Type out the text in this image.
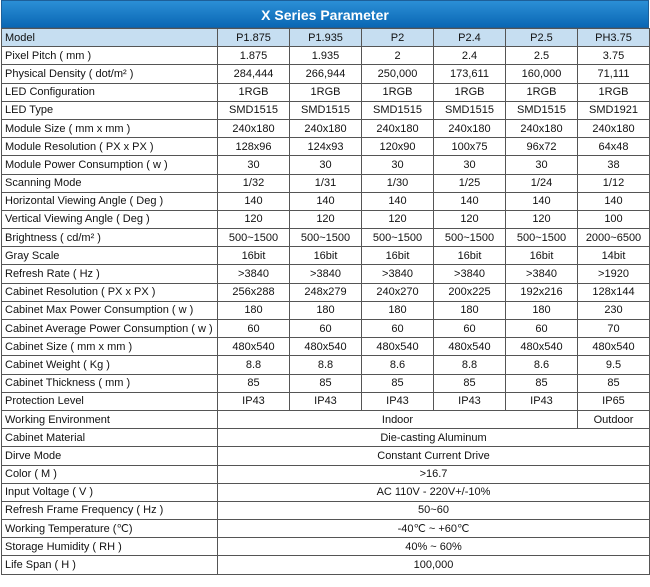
X Series Parameter
Model	P1.875	P1.935	P2	P2.4	P2.5	PH3.75
Pixel Pitch ( mm )	1.875	1.935	2	2.4	2.5	3.75
Physical Density ( dot/m² )	284,444	266,944	250,000	173,611	160,000	71,111
LED Configuration	1RGB	1RGB	1RGB	1RGB	1RGB	1RGB
LED Type	SMD1515	SMD1515	SMD1515	SMD1515	SMD1515	SMD1921
Module Size ( mm x mm )	240x180	240x180	240x180	240x180	240x180	240x180
Module Resolution ( PX x PX )	128x96	124x93	120x90	100x75	96x72	64x48
Module Power Consumption ( w )	30	30	30	30	30	38
Scanning Mode	1/32	1/31	1/30	1/25	1/24	1/12
Horizontal Viewing Angle ( Deg )	140	140	140	140	140	140
Vertical Viewing Angle ( Deg )	120	120	120	120	120	100
Brightness ( cd/m² )	500~1500	500~1500	500~1500	500~1500	500~1500	2000~6500
Gray Scale	16bit	16bit	16bit	16bit	16bit	14bit
Refresh Rate ( Hz )	>3840	>3840	>3840	>3840	>3840	>1920
Cabinet Resolution ( PX x PX )	256x288	248x279	240x270	200x225	192x216	128x144
Cabinet Max Power Consumption ( w )	180	180	180	180	180	230
Cabinet Average Power Consumption ( w )	60	60	60	60	60	70
Cabinet Size ( mm x mm )	480x540	480x540	480x540	480x540	480x540	480x540
Cabinet Weight ( Kg )	8.8	8.8	8.6	8.8	8.6	9.5
Cabinet Thickness ( mm )	85	85	85	85	85	85
Protection Level	IP43	IP43	IP43	IP43	IP43	IP65
Working Environment	Indoor					Outdoor
Cabinet Material	Die-casting Aluminum					
Dirve Mode	Constant Current Drive					
Color ( M )	>16.7					
Input Voltage ( V )	AC 110V - 220V+/-10%					
Refresh Frame Frequency ( Hz )	50~60					
Working Temperature (℃)	-40℃ ~ +60℃					
Storage Humidity ( RH )	40% ~ 60%					
Life Span ( H )	100,000					
